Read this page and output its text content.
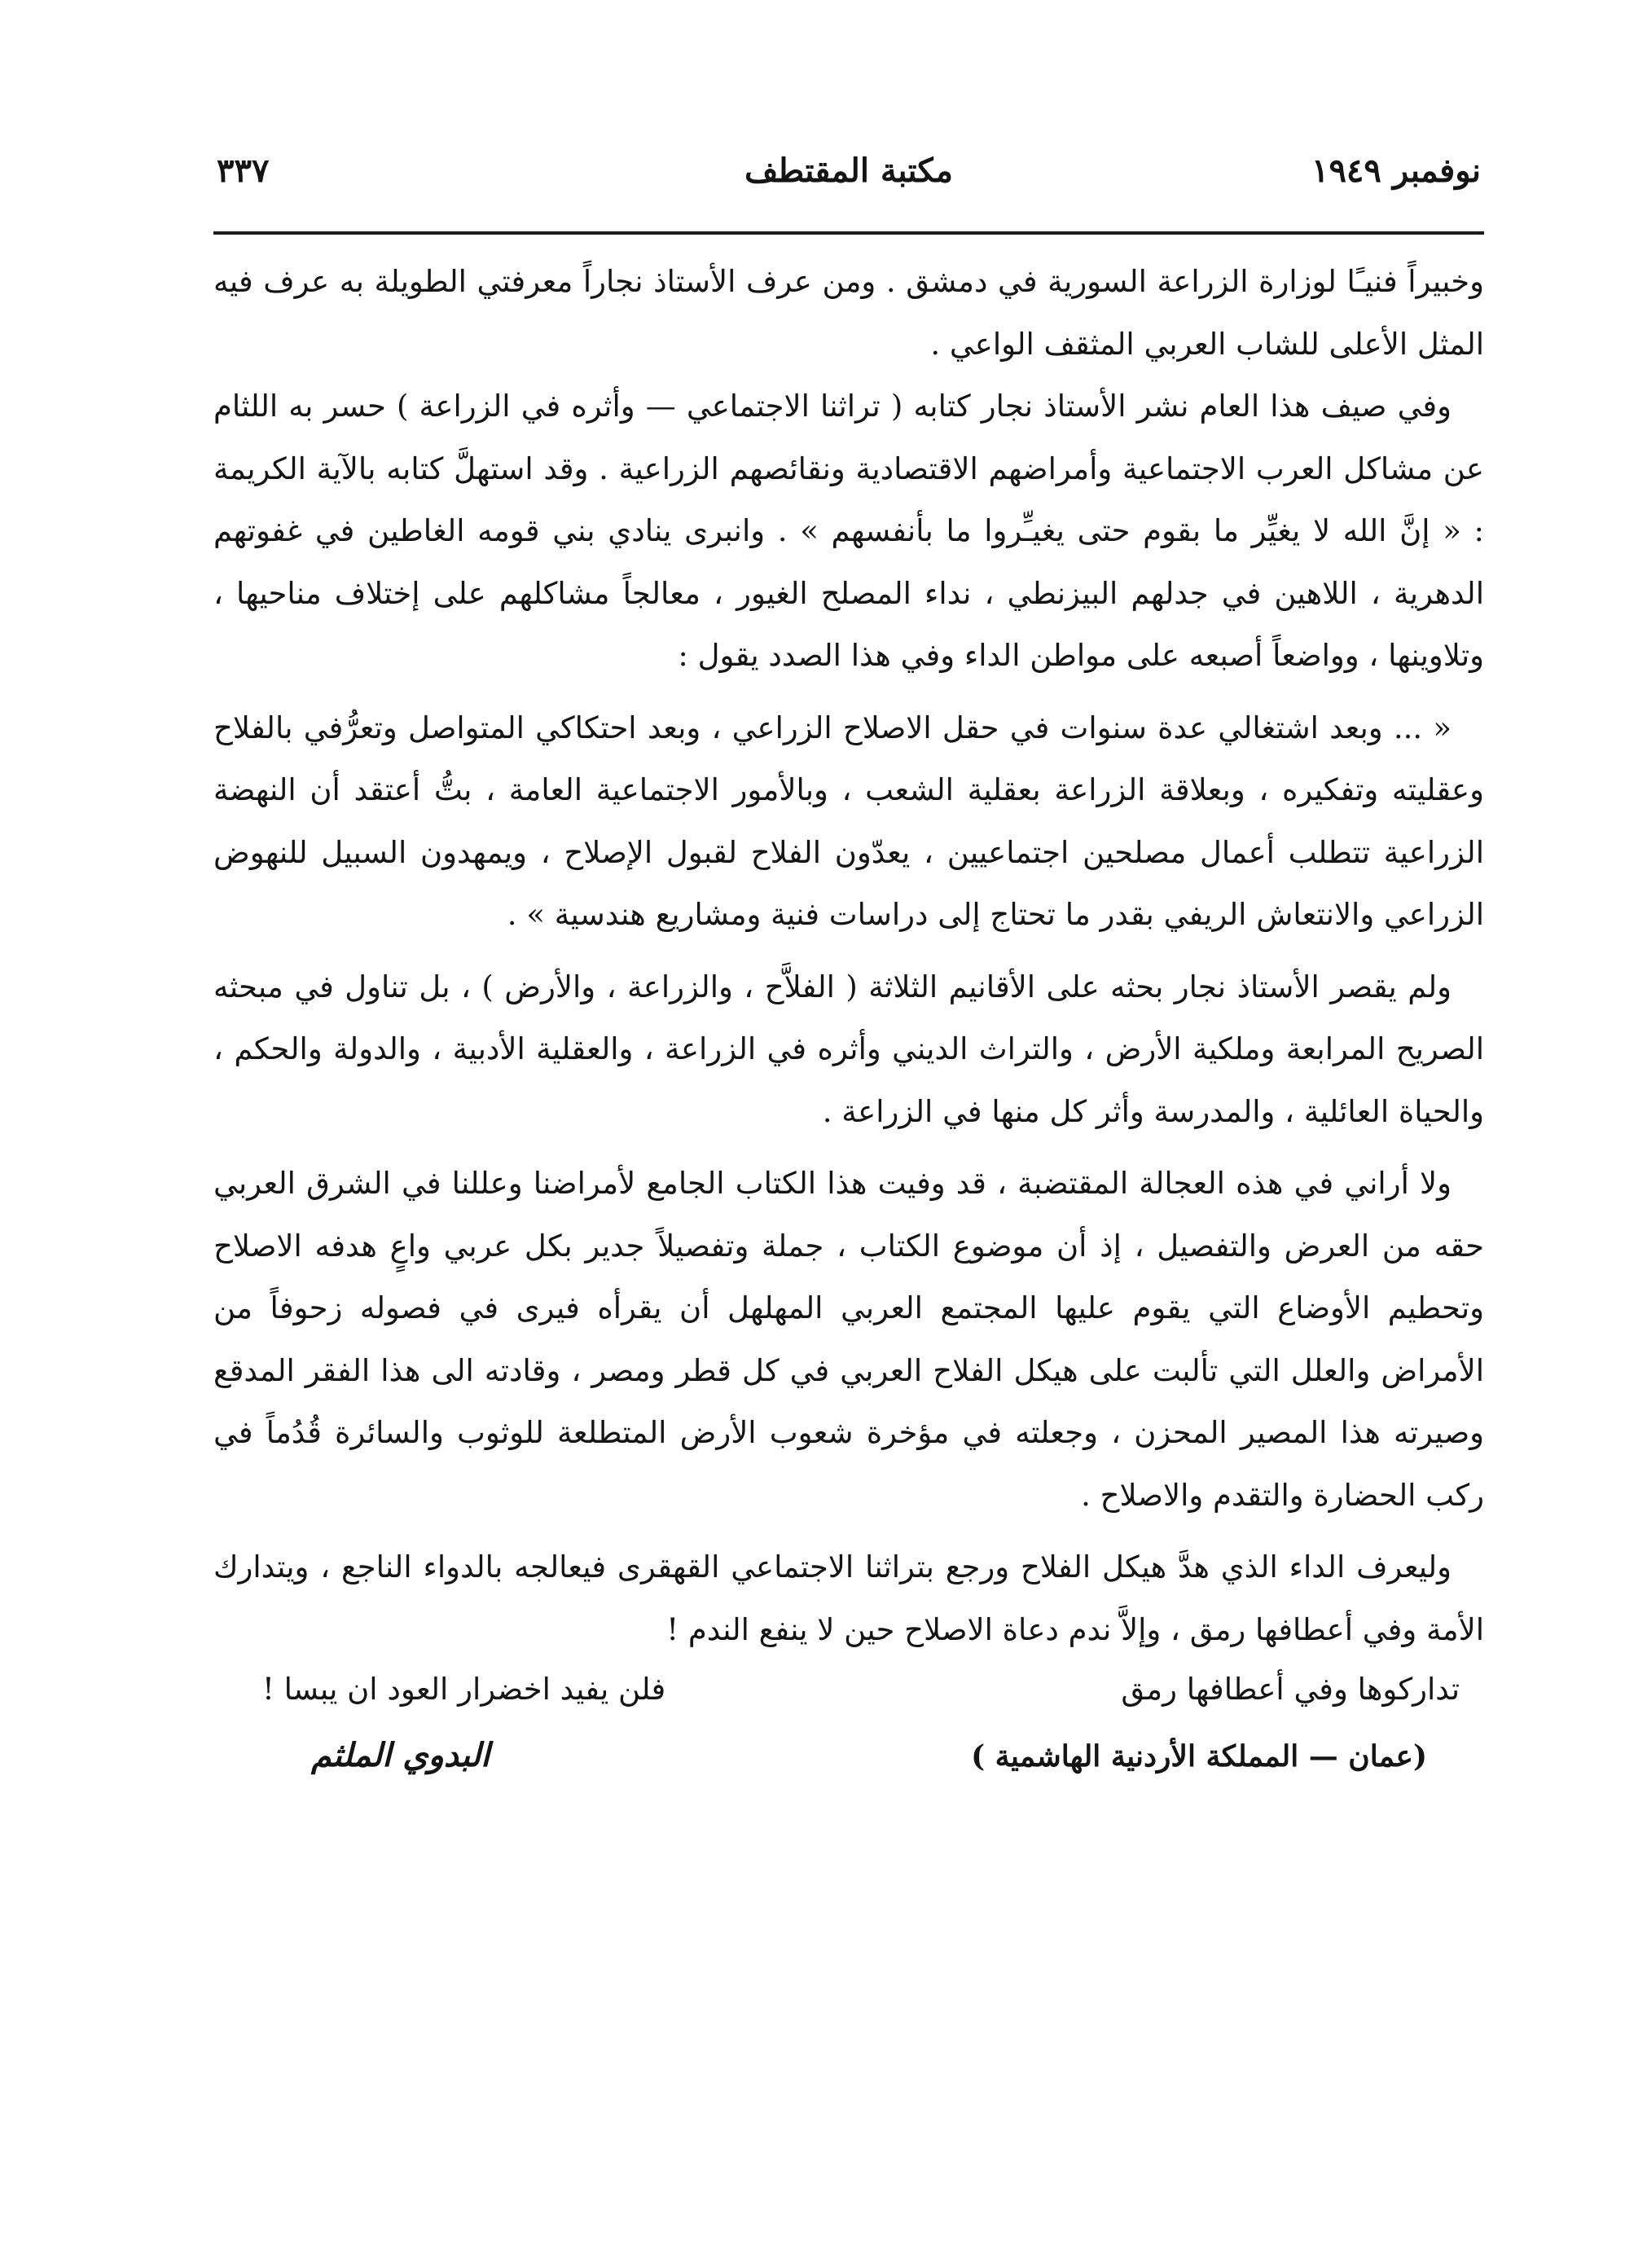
نوفمبر ١٩٤٩
مكتبة المقتطف
٣٣٧

وخبيراً فنيـًا لوزارة الزراعة السورية في دمشق . ومن عرف الأستاذ نجاراً معرفتي الطويلة به عرف فيه المثل الأعلى للشاب العربي المثقف الواعي .

وفي صيف هذا العام نشر الأستاذ نجار كتابه ( تراثنا الاجتماعي — وأثره في الزراعة ) حسر به اللثام عن مشاكل العرب الاجتماعية وأمراضهم الاقتصادية ونقائصهم الزراعية . وقد استهلَّ كتابه بالآية الكريمة : « إنَّ الله لا يغيِّر ما بقوم حتى يغيـِّروا ما بأنفسهم » . وانبرى ينادي بني قومه الغاطين في غفوتهم الدهرية ، اللاهين في جدلهم البيزنطي ، نداء المصلح الغيور ، معالجاً مشاكلهم على إختلاف مناحيها ، وتلاوينها ، وواضعاً أصبعه على مواطن الداء وفي هذا الصدد يقول :

« ... وبعد اشتغالي عدة سنوات في حقل الاصلاح الزراعي ، وبعد احتكاكي المتواصل وتعرُّفي بالفلاح وعقليته وتفكيره ، وبعلاقة الزراعة بعقلية الشعب ، وبالأمور الاجتماعية العامة ، بتُّ أعتقد أن النهضة الزراعية تتطلب أعمال مصلحين اجتماعيين ، يعدّون الفلاح لقبول الإصلاح ، ويمهدون السبيل للنهوض الزراعي والانتعاش الريفي بقدر ما تحتاج إلى دراسات فنية ومشاريع هندسية » .

ولم يقصر الأستاذ نجار بحثه على الأقانيم الثلاثة ( الفلاَّح ، والزراعة ، والأرض ) ، بل تناول في مبحثه الصريح المرابعة وملكية الأرض ، والتراث الديني وأثره في الزراعة ، والعقلية الأدبية ، والدولة والحكم ، والحياة العائلية ، والمدرسة وأثر كل منها في الزراعة .

ولا أراني في هذه العجالة المقتضبة ، قد وفيت هذا الكتاب الجامع لأمراضنا وعللنا في الشرق العربي حقه من العرض والتفصيل ، إذ أن موضوع الكتاب ، جملة وتفصيلاً جدير بكل عربي واعٍ هدفه الاصلاح وتحطيم الأوضاع التي يقوم عليها المجتمع العربي المهلهل أن يقرأه فيرى في فصوله زحوفاً من الأمراض والعلل التي تألبت على هيكل الفلاح العربي في كل قطر ومصر ، وقادته الى هذا الفقر المدقع وصيرته هذا المصير المحزن ، وجعلته في مؤخرة شعوب الأرض المتطلعة للوثوب والسائرة قُدُماً في ركب الحضارة والتقدم والاصلاح .

وليعرف الداء الذي هدَّ هيكل الفلاح ورجع بتراثنا الاجتماعي القهقرى فيعالجه بالدواء الناجع ، ويتدارك الأمة وفي أعطافها رمق ، وإلاَّ ندم دعاة الاصلاح حين لا ينفع الندم !

تداركوها وفي أعطافها رمق
فلن يفيد اخضرار العود ان يبسا !
(عمان — المملكة الأردنية الهاشمية )
البدوي الملثم
